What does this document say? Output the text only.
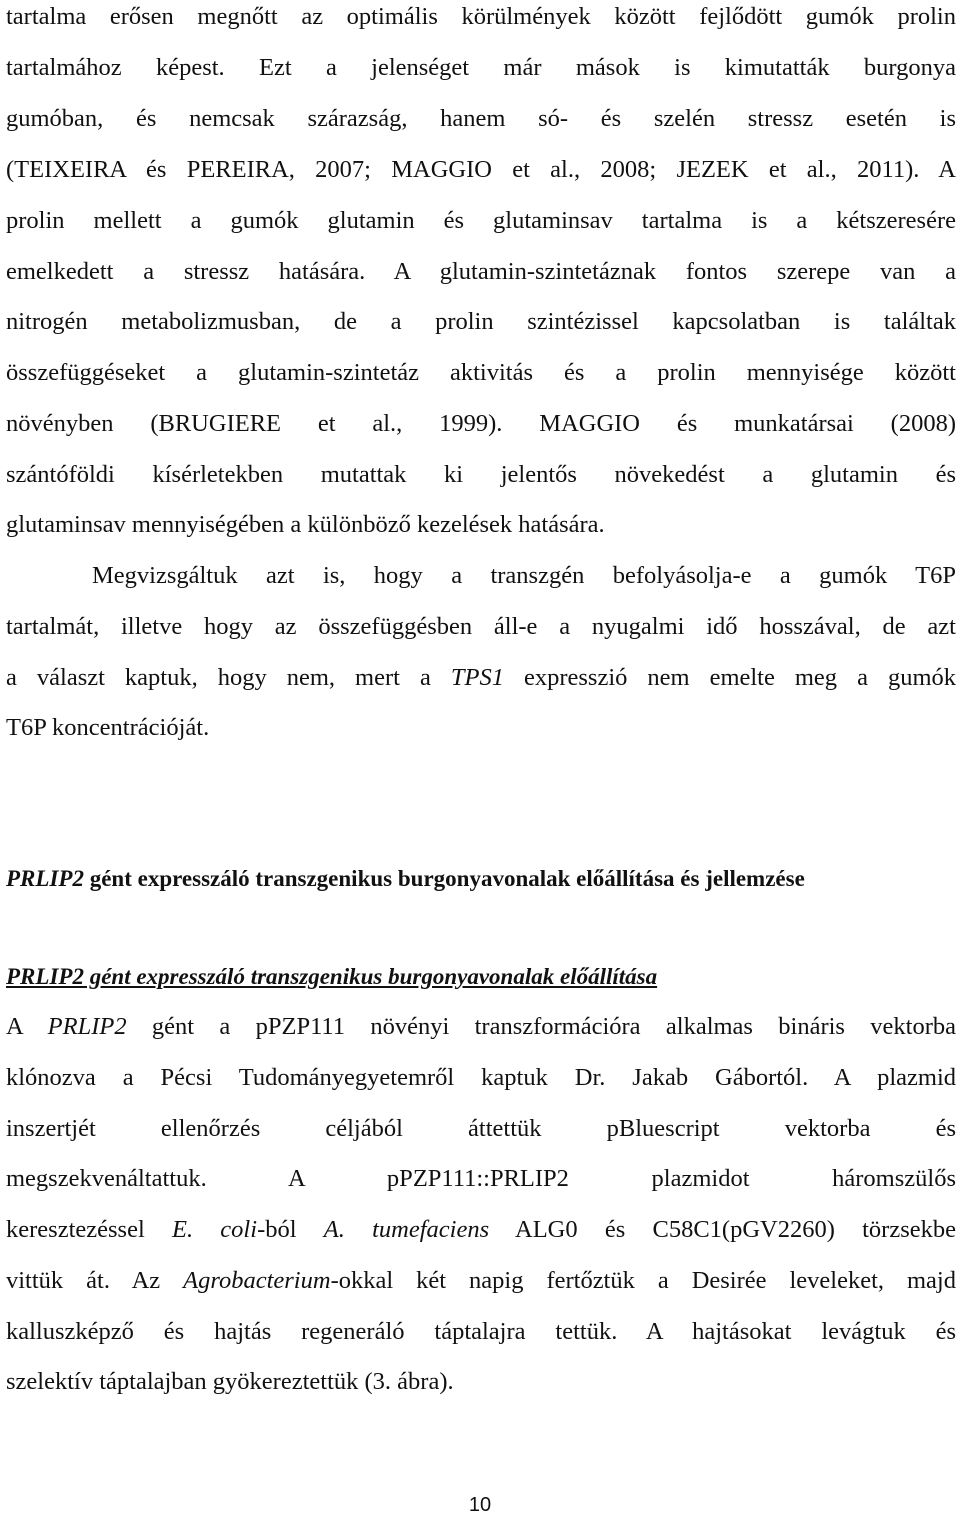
tartalma erősen megnőtt az optimális körülmények között fejlődött gumók prolin
tartalmához képest. Ezt a jelenséget már mások is kimutatták burgonya
gumóban, és nemcsak szárazság, hanem só- és szelén stressz esetén is
(TEIXEIRA és PEREIRA, 2007; MAGGIO et al., 2008; JEZEK et al., 2011). A
prolin mellett a gumók glutamin és glutaminsav tartalma is a kétszeresére
emelkedett a stressz hatására. A glutamin-szintetáznak fontos szerepe van a
nitrogén metabolizmusban, de a prolin szintézissel kapcsolatban is találtak
összefüggéseket a glutamin-szintetáz aktivitás és a prolin mennyisége között
növényben (BRUGIERE et al., 1999). MAGGIO és munkatársai (2008)
szántóföldi kísérletekben mutattak ki jelentős növekedést a glutamin és
glutaminsav mennyiségében a különböző kezelések hatására.
Megvizsgáltuk azt is, hogy a transzgén befolyásolja-e a gumók T6P
tartalmát, illetve hogy az összefüggésben áll-e a nyugalmi idő hosszával, de azt
a választ kaptuk, hogy nem, mert a TPS1 expresszió nem emelte meg a gumók
T6P koncentrációját.
PRLIP2 gént expresszáló transzgenikus burgonyavonalak előállítása és jellemzése
PRLIP2 gént expresszáló transzgenikus burgonyavonalak előállítása
A PRLIP2 gént a pPZP111 növényi transzformációra alkalmas bináris vektorba
klónozva a Pécsi Tudományegyetemről kaptuk Dr. Jakab Gábortól. A plazmid
inszertjét ellenőrzés céljából áttettük pBluescript vektorba és
megszekvenáltattuk. A pPZP111::PRLIP2 plazmidot háromszülős
keresztezéssel E. coli-ból A. tumefaciens ALG0 és C58C1(pGV2260) törzsekbe
vittük át. Az Agrobacterium-okkal két napig fertőztük a Desirée leveleket, majd
kalluszképző és hajtás regeneráló táptalajra tettük. A hajtásokat levágtuk és
szelektív táptalajban gyökereztettük (3. ábra).
10
